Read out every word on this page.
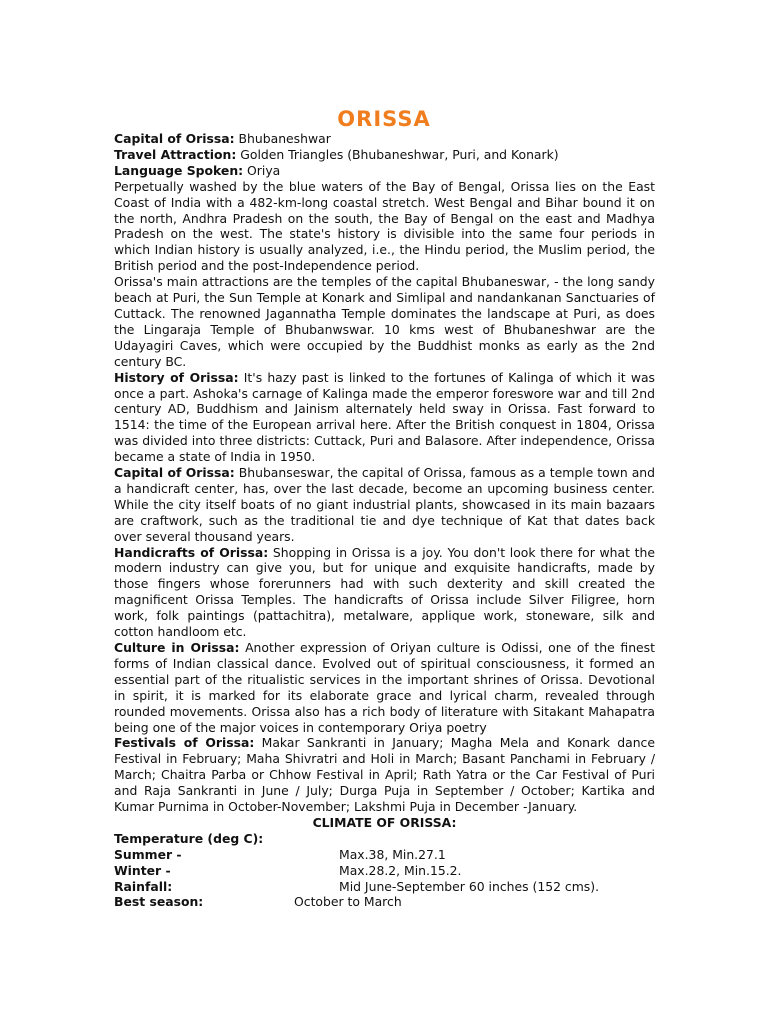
ORISSA

Capital of Orissa: Bhubaneshwar

Travel Attraction: Golden Triangles (Bhubaneshwar, Puri, and Konark)

Language Spoken: Oriya

Perpetually washed by the blue waters of the Bay of Bengal, Orissa lies on the East Coast of India with a 482-km-long coastal stretch. West Bengal and Bihar bound it on the north, Andhra Pradesh on the south, the Bay of Bengal on the east and Madhya Pradesh on the west. The state's history is divisible into the same four periods in which Indian history is usually analyzed, i.e., the Hindu period, the Muslim period, the British period and the post-Independence period.

Orissa's main attractions are the temples of the capital Bhubaneswar, - the long sandy beach at Puri, the Sun Temple at Konark and Simlipal and nandankanan Sanctuaries of Cuttack. The renowned Jagannatha Temple dominates the landscape at Puri, as does the Lingaraja Temple of Bhubanwswar. 10 kms west of Bhubaneshwar are the Udayagiri Caves, which were occupied by the Buddhist monks as early as the 2nd century BC.

History of Orissa: It's hazy past is linked to the fortunes of Kalinga of which it was once a part. Ashoka's carnage of Kalinga made the emperor foreswore war and till 2nd century AD, Buddhism and Jainism alternately held sway in Orissa. Fast forward to 1514: the time of the European arrival here. After the British conquest in 1804, Orissa was divided into three districts: Cuttack, Puri and Balasore. After independence, Orissa became a state of India in 1950.

Capital of Orissa: Bhubanseswar, the capital of Orissa, famous as a temple town and a handicraft center, has, over the last decade, become an upcoming business center. While the city itself boats of no giant industrial plants, showcased in its main bazaars are craftwork, such as the traditional tie and dye technique of Kat that dates back over several thousand years.

Handicrafts of Orissa: Shopping in Orissa is a joy. You don't look there for what the modern industry can give you, but for unique and exquisite handicrafts, made by those fingers whose forerunners had with such dexterity and skill created the magnificent Orissa Temples. The handicrafts of Orissa include Silver Filigree, horn work, folk paintings (pattachitra), metalware, applique work, stoneware, silk and cotton handloom etc.

Culture in Orissa: Another expression of Oriyan culture is Odissi, one of the finest forms of Indian classical dance. Evolved out of spiritual consciousness, it formed an essential part of the ritualistic services in the important shrines of Orissa. Devotional in spirit, it is marked for its elaborate grace and lyrical charm, revealed through rounded movements. Orissa also has a rich body of literature with Sitakant Mahapatra being one of the major voices in contemporary Oriya poetry

Festivals of Orissa: Makar Sankranti in January; Magha Mela and Konark dance Festival in February; Maha Shivratri and Holi in March; Basant Panchami in February / March; Chaitra Parba or Chhow Festival in April; Rath Yatra or the Car Festival of Puri and Raja Sankranti in June / July; Durga Puja in September / October; Kartika and Kumar Purnima in October-November; Lakshmi Puja in December -January.

CLIMATE OF ORISSA:

Temperature (deg C):

Summer -	Max.38, Min.27.1
Winter -	Max.28.2, Min.15.2.
Rainfall:	Mid June-September 60 inches (152 cms).
Best season:	October to March
